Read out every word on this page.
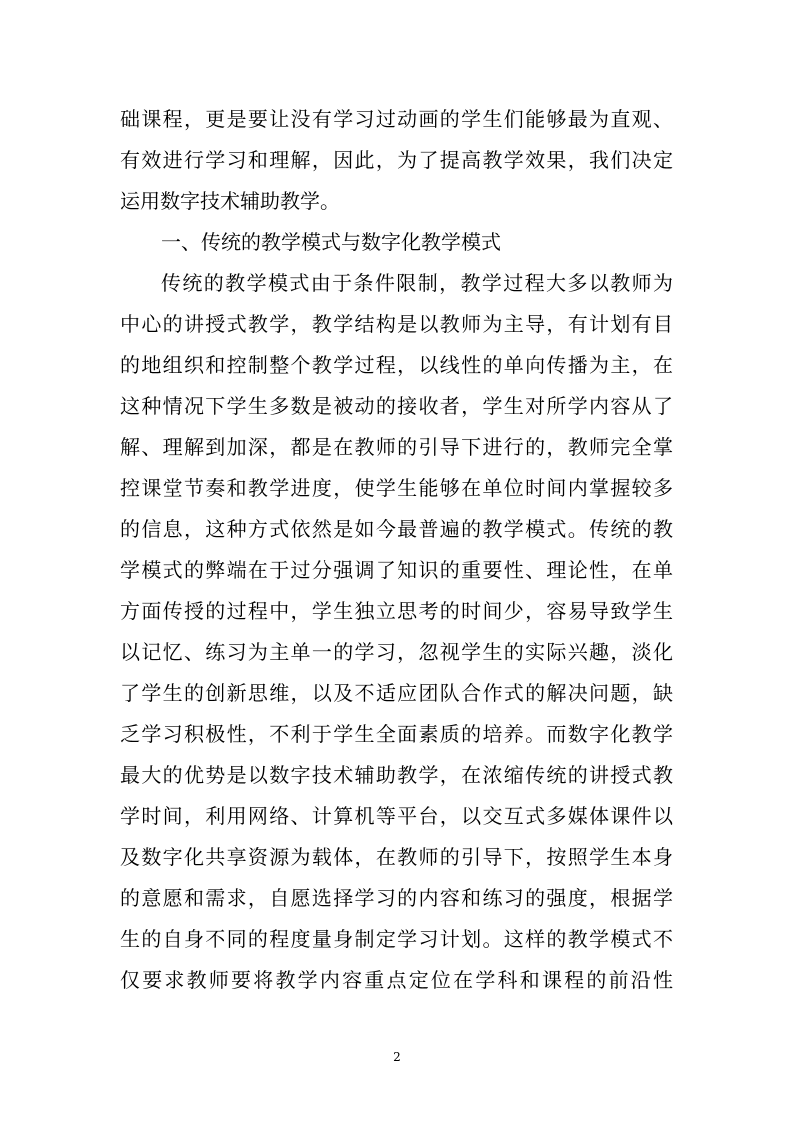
础课程，更是要让没有学习过动画的学生们能够最为直观、
有效进行学习和理解，因此，为了提高教学效果，我们决定
运用数字技术辅助教学。
一、传统的教学模式与数字化教学模式
传统的教学模式由于条件限制，教学过程大多以教师为
中心的讲授式教学，教学结构是以教师为主导，有计划有目
的地组织和控制整个教学过程，以线性的单向传播为主，在
这种情况下学生多数是被动的接收者，学生对所学内容从了
解、理解到加深，都是在教师的引导下进行的，教师完全掌
控课堂节奏和教学进度，使学生能够在单位时间内掌握较多
的信息，这种方式依然是如今最普遍的教学模式。传统的教
学模式的弊端在于过分强调了知识的重要性、理论性，在单
方面传授的过程中，学生独立思考的时间少，容易导致学生
以记忆、练习为主单一的学习，忽视学生的实际兴趣，淡化
了学生的创新思维，以及不适应团队合作式的解决问题，缺
乏学习积极性，不利于学生全面素质的培养。而数字化教学
最大的优势是以数字技术辅助教学，在浓缩传统的讲授式教
学时间，利用网络、计算机等平台，以交互式多媒体课件以
及数字化共享资源为载体，在教师的引导下，按照学生本身
的意愿和需求，自愿选择学习的内容和练习的强度，根据学
生的自身不同的程度量身制定学习计划。这样的教学模式不
仅要求教师要将教学内容重点定位在学科和课程的前沿性
2
